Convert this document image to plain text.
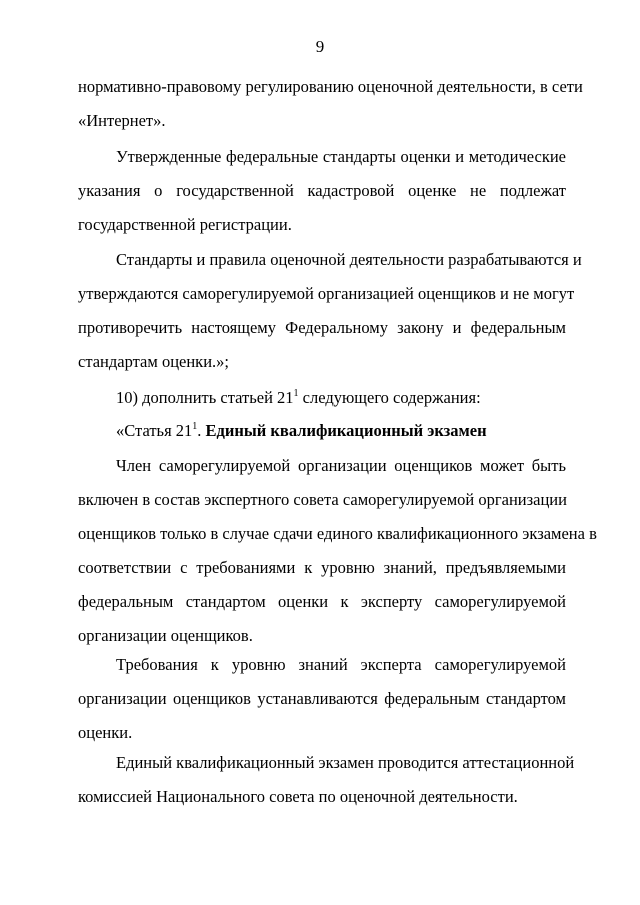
9
нормативно-правовому регулированию оценочной деятельности, в сети
«Интернет».
Утвержденные федеральные стандарты оценки и методические
указания о государственной кадастровой оценке не подлежат
государственной регистрации.
Стандарты и правила оценочной деятельности разрабатываются и
утверждаются саморегулируемой организацией оценщиков и не могут
противоречить настоящему Федеральному закону и федеральным
стандартам оценки.»;
10) дополнить статьей $21^1$ следующего содержания:
«Статья $21^1$. Единый квалификационный экзамен
Член саморегулируемой организации оценщиков может быть
включен в состав экспертного совета саморегулируемой организации
оценщиков только в случае сдачи единого квалификационного экзамена в
соответствии с требованиями к уровню знаний, предъявляемыми
федеральным стандартом оценки к эксперту саморегулируемой
организации оценщиков.
Требования к уровню знаний эксперта саморегулируемой
организации оценщиков устанавливаются федеральным стандартом
оценки.
Единый квалификационный экзамен проводится аттестационной
комиссией Национального совета по оценочной деятельности.
